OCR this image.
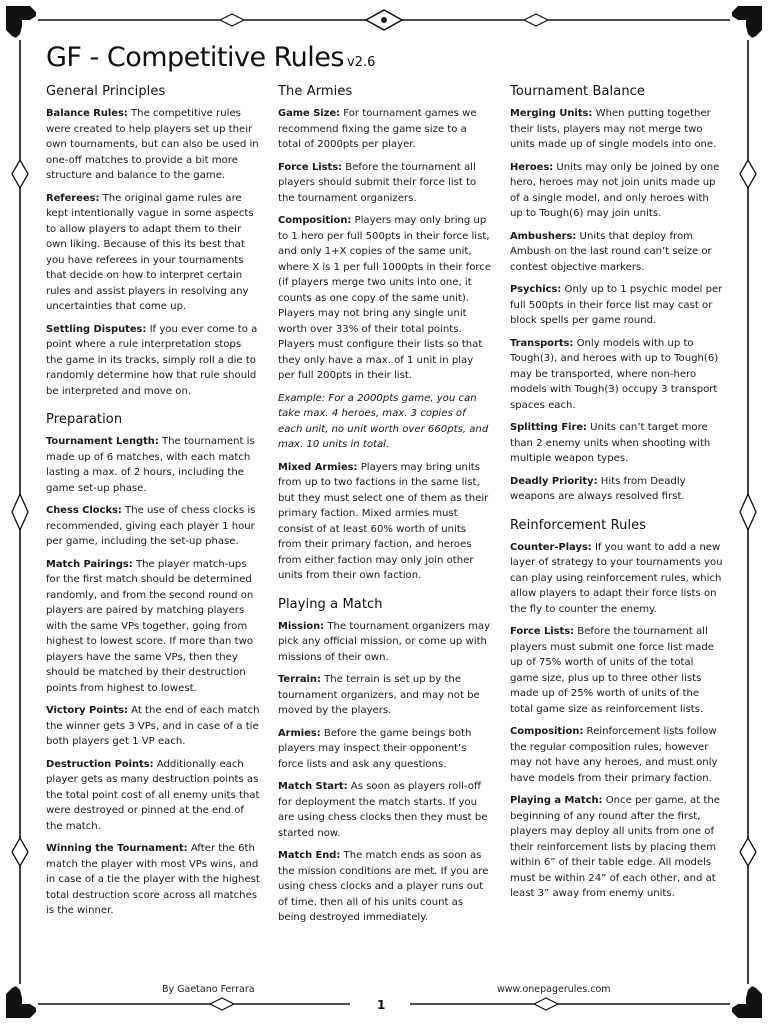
GF - Competitive Rules v2.6
General Principles

Balance Rules: The competitive rules were created to help players set up their own tournaments, but can also be used in one-off matches to provide a bit more structure and balance to the game.

Referees: The original game rules are kept intentionally vague in some aspects to allow players to adapt them to their own liking. Because of this its best that you have referees in your tournaments that decide on how to interpret certain rules and assist players in resolving any uncertainties that come up.

Settling Disputes: If you ever come to a point where a rule interpretation stops the game in its tracks, simply roll a die to randomly determine how that rule should be interpreted and move on.

Preparation

Tournament Length: The tournament is made up of 6 matches, with each match lasting a max. of 2 hours, including the game set-up phase.

Chess Clocks: The use of chess clocks is recommended, giving each player 1 hour per game, including the set-up phase.

Match Pairings: The player match-ups for the first match should be determined randomly, and from the second round on players are paired by matching players with the same VPs together, going from highest to lowest score. If more than two players have the same VPs, then they should be matched by their destruction points from highest to lowest.

Victory Points: At the end of each match the winner gets 3 VPs, and in case of a tie both players get 1 VP each.

Destruction Points: Additionally each player gets as many destruction points as the total point cost of all enemy units that were destroyed or pinned at the end of the match.

Winning the Tournament: After the 6th match the player with most VPs wins, and in case of a tie the player with the highest total destruction score across all matches is the winner.

The Armies

Game Size: For tournament games we recommend fixing the game size to a total of 2000pts per player.

Force Lists: Before the tournament all players should submit their force list to the tournament organizers.

Composition: Players may only bring up to 1 hero per full 500pts in their force list, and only 1+X copies of the same unit, where X is 1 per full 1000pts in their force (if players merge two units into one, it counts as one copy of the same unit). Players may not bring any single unit worth over 33% of their total points. Players must configure their lists so that they only have a max. of 1 unit in play per full 200pts in their list.

Example: For a 2000pts game, you can take max. 4 heroes, max. 3 copies of each unit, no unit worth over 660pts, and max. 10 units in total.

Mixed Armies: Players may bring units from up to two factions in the same list, but they must select one of them as their primary faction. Mixed armies must consist of at least 60% worth of units from their primary faction, and heroes from either faction may only join other units from their own faction.

Playing a Match

Mission: The tournament organizers may pick any official mission, or come up with missions of their own.

Terrain: The terrain is set up by the tournament organizers, and may not be moved by the players.

Armies: Before the game beings both players may inspect their opponent’s force lists and ask any questions.

Match Start: As soon as players roll-off for deployment the match starts. If you are using chess clocks then they must be started now.

Match End: The match ends as soon as the mission conditions are met. If you are using chess clocks and a player runs out of time, then all of his units count as being destroyed immediately.

Tournament Balance

Merging Units: When putting together their lists, players may not merge two units made up of single models into one.

Heroes: Units may only be joined by one hero, heroes may not join units made up of a single model, and only heroes with up to Tough(6) may join units.

Ambushers: Units that deploy from Ambush on the last round can’t seize or contest objective markers.

Psychics: Only up to 1 psychic model per full 500pts in their force list may cast or block spells per game round.

Transports: Only models with up to Tough(3), and heroes with up to Tough(6) may be transported, where non-hero models with Tough(3) occupy 3 transport spaces each.

Splitting Fire: Units can’t target more than 2 enemy units when shooting with multiple weapon types.

Deadly Priority: Hits from Deadly weapons are always resolved first.

Reinforcement Rules

Counter-Plays: If you want to add a new layer of strategy to your tournaments you can play using reinforcement rules, which allow players to adapt their force lists on the fly to counter the enemy.

Force Lists: Before the tournament all players must submit one force list made up of 75% worth of units of the total game size, plus up to three other lists made up of 25% worth of units of the total game size as reinforcement lists.

Composition: Reinforcement lists follow the regular composition rules, however may not have any heroes, and must only have models from their primary faction.

Playing a Match: Once per game, at the beginning of any round after the first, players may deploy all units from one of their reinforcement lists by placing them within 6” of their table edge. All models must be within 24” of each other, and at least 3” away from enemy units.

By Gaetano Ferrara	www.onepagerules.com
1
